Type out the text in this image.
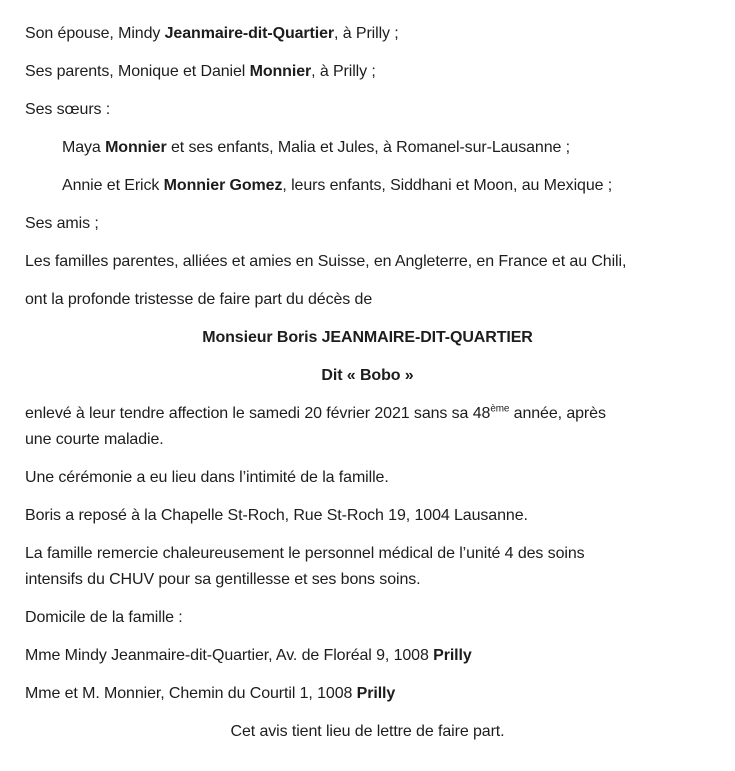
Son épouse, Mindy Jeanmaire-dit-Quartier, à Prilly ;

Ses parents, Monique et Daniel Monnier, à Prilly ;

Ses sœurs :

Maya Monnier et ses enfants, Malia et Jules, à Romanel-sur-Lausanne ;

Annie et Erick Monnier Gomez, leurs enfants, Siddhani et Moon, au Mexique ;

Ses amis ;

Les familles parentes, alliées et amies en Suisse, en Angleterre, en France et au Chili,

ont la profonde tristesse de faire part du décès de

Monsieur Boris JEANMAIRE-DIT-QUARTIER

Dit « Bobo »

enlevé à leur tendre affection le samedi 20 février 2021 sans sa 48ème année, après
une courte maladie.

Une cérémonie a eu lieu dans l’intimité de la famille.

Boris a reposé à la Chapelle St-Roch, Rue St-Roch 19, 1004 Lausanne.

La famille remercie chaleureusement le personnel médical de l’unité 4 des soins
intensifs du CHUV pour sa gentillesse et ses bons soins.

Domicile de la famille :

Mme Mindy Jeanmaire-dit-Quartier, Av. de Floréal 9, 1008 Prilly

Mme et M. Monnier, Chemin du Courtil 1, 1008 Prilly

Cet avis tient lieu de lettre de faire part.
